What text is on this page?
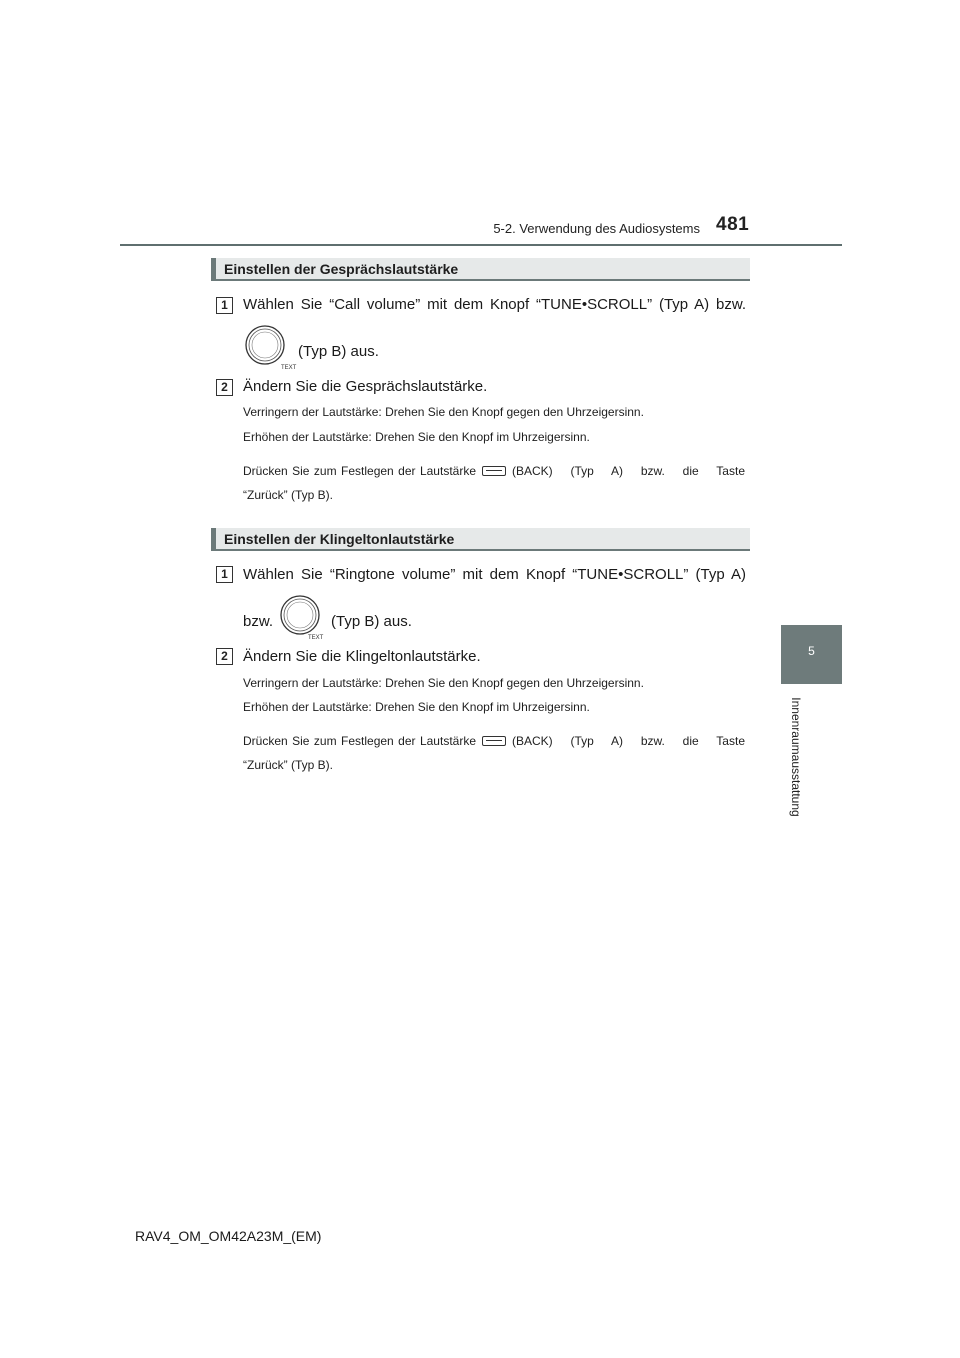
5-2. Verwendung des Audiosystems 481
5
Innenraumausstattung
Einstellen der Gesprächslautstärke
1	Wählen Sie “Call volume” mit dem Knopf “TUNE•SCROLL” (Typ A) bzw.
TEXT
(Typ B) aus.
2	Ändern Sie die Gesprächslautstärke.
Verringern der Lautstärke: Drehen Sie den Knopf gegen den Uhrzeigersinn.
Erhöhen der Lautstärke: Drehen Sie den Knopf im Uhrzeigersinn.
Drücken Sie zum Festlegen der Lautstärke	(BACK) (Typ A) bzw. die Taste
“Zurück” (Typ B).
Einstellen der Klingeltonlautstärke
1	Wählen Sie “Ringtone volume” mit dem Knopf “TUNE•SCROLL” (Typ A)
bzw.
TEXT
(Typ B) aus.
2	Ändern Sie die Klingeltonlautstärke.
Verringern der Lautstärke: Drehen Sie den Knopf gegen den Uhrzeigersinn.
Erhöhen der Lautstärke: Drehen Sie den Knopf im Uhrzeigersinn.
Drücken Sie zum Festlegen der Lautstärke	(BACK) (Typ A) bzw. die Taste
“Zurück” (Typ B).
RAV4_OM_OM42A23M_(EM)
